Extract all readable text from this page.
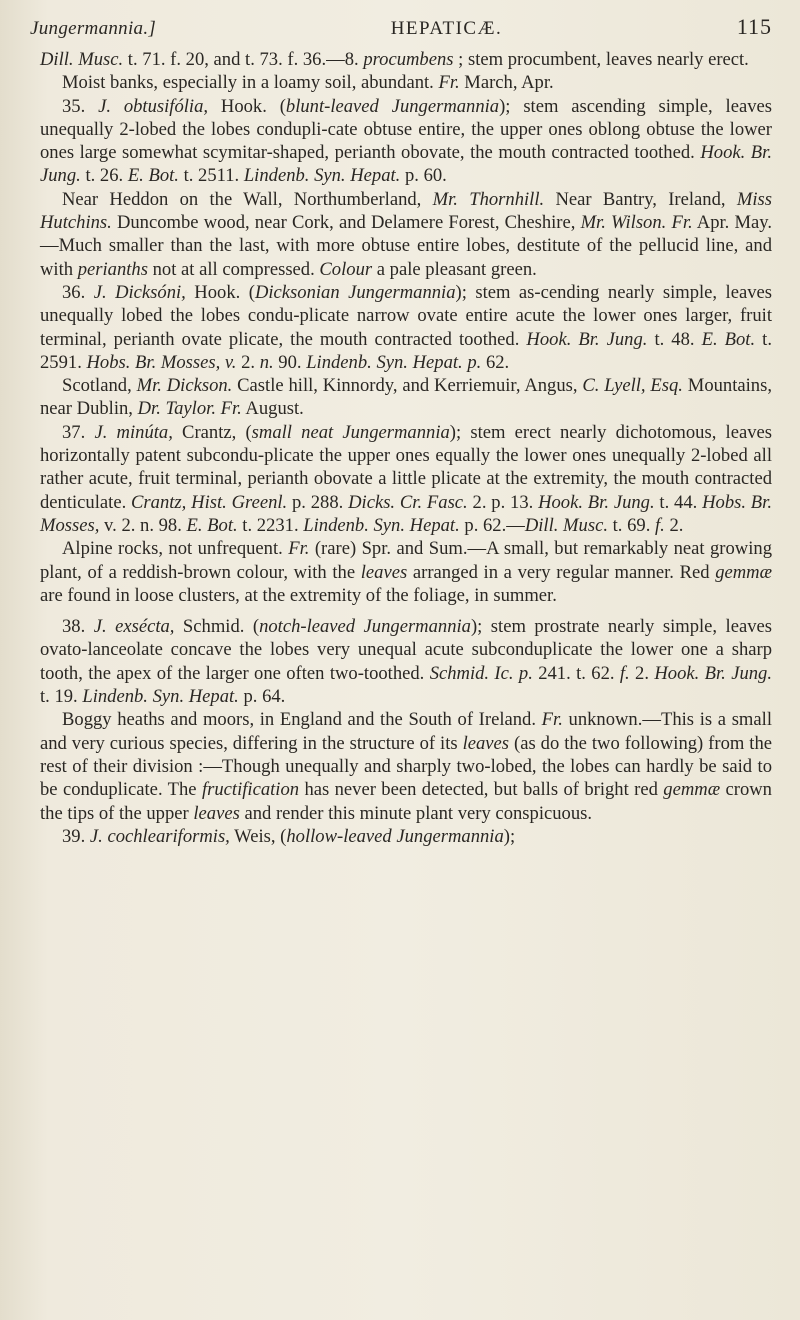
Jungermannia.]	HEPATICÆ.	115

Dill. Musc. t. 71. f. 20, and t. 73. f. 36.—8. procumbens ; stem procumbent, leaves nearly erect.

Moist banks, especially in a loamy soil, abundant. Fr. March, Apr.

35. J. obtusifólia, Hook. (blunt-leaved Jungermannia); stem ascending simple, leaves unequally 2-lobed the lobes condupli-cate obtuse entire, the upper ones oblong obtuse the lower ones large somewhat scymitar-shaped, perianth obovate, the mouth contracted toothed. Hook. Br. Jung. t. 26. E. Bot. t. 2511. Lindenb. Syn. Hepat. p. 60.

Near Heddon on the Wall, Northumberland, Mr. Thornhill. Near Bantry, Ireland, Miss Hutchins. Duncombe wood, near Cork, and Delamere Forest, Cheshire, Mr. Wilson. Fr. Apr. May.—Much smaller than the last, with more obtuse entire lobes, destitute of the pellucid line, and with perianths not at all compressed. Colour a pale pleasant green.

36. J. Dicksóni, Hook. (Dicksonian Jungermannia); stem as-cending nearly simple, leaves unequally lobed the lobes condu-plicate narrow ovate entire acute the lower ones larger, fruit terminal, perianth ovate plicate, the mouth contracted toothed. Hook. Br. Jung. t. 48. E. Bot. t. 2591. Hobs. Br. Mosses, v. 2. n. 90. Lindenb. Syn. Hepat. p. 62.

Scotland, Mr. Dickson. Castle hill, Kinnordy, and Kerriemuir, Angus, C. Lyell, Esq. Mountains, near Dublin, Dr. Taylor. Fr. August.

37. J. minúta, Crantz, (small neat Jungermannia); stem erect nearly dichotomous, leaves horizontally patent subcondu-plicate the upper ones equally the lower ones unequally 2-lobed all rather acute, fruit terminal, perianth obovate a little plicate at the extremity, the mouth contracted denticulate. Crantz, Hist. Greenl. p. 288. Dicks. Cr. Fasc. 2. p. 13. Hook. Br. Jung. t. 44. Hobs. Br. Mosses, v. 2. n. 98. E. Bot. t. 2231. Lindenb. Syn. Hepat. p. 62.—Dill. Musc. t. 69. f. 2.

Alpine rocks, not unfrequent. Fr. (rare) Spr. and Sum.—A small, but remarkably neat growing plant, of a reddish-brown colour, with the leaves arranged in a very regular manner. Red gemmæ are found in loose clusters, at the extremity of the foliage, in summer.

38. J. exsécta, Schmid. (notch-leaved Jungermannia); stem prostrate nearly simple, leaves ovato-lanceolate concave the lobes very unequal acute subconduplicate the lower one a sharp tooth, the apex of the larger one often two-toothed. Schmid. Ic. p. 241. t. 62. f. 2. Hook. Br. Jung. t. 19. Lindenb. Syn. Hepat. p. 64.

Boggy heaths and moors, in England and the South of Ireland. Fr. unknown.—This is a small and very curious species, differing in the structure of its leaves (as do the two following) from the rest of their division :—Though unequally and sharply two-lobed, the lobes can hardly be said to be conduplicate. The fructification has never been detected, but balls of bright red gemmæ crown the tips of the upper leaves and render this minute plant very conspicuous.

39. J. cochleariformis, Weis, (hollow-leaved Jungermannia);
